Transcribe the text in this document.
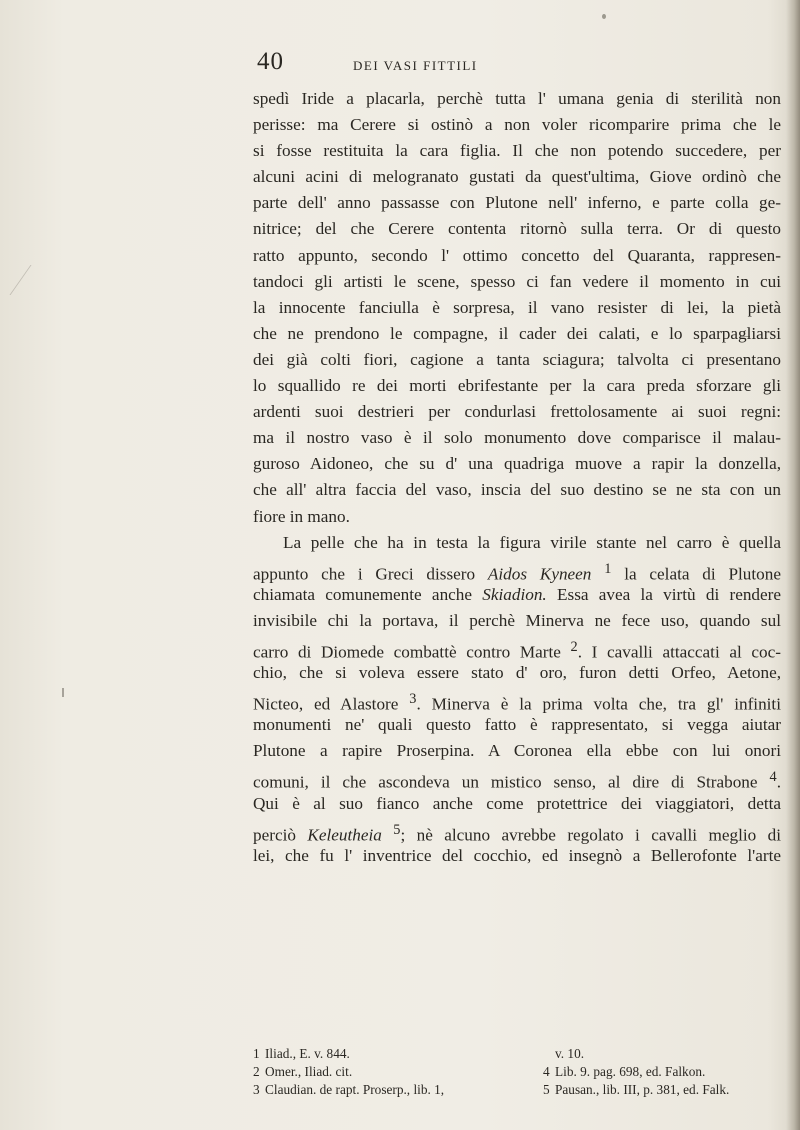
40	DEI VASI FITTILI
spedì Iride a placarla, perchè tutta l' umana genia di sterilità non
perisse: ma Cerere si ostinò a non voler ricomparire prima che le
si fosse restituita la cara figlia. Il che non potendo succedere, per
alcuni acini di melogranato gustati da quest'ultima, Giove ordinò che
parte dell' anno passasse con Plutone nell' inferno, e parte colla ge-
nitrice; del che Cerere contenta ritornò sulla terra. Or di questo
ratto appunto, secondo l' ottimo concetto del Quaranta, rappresen-
tandoci gli artisti le scene, spesso ci fan vedere il momento in cui
la innocente fanciulla è sorpresa, il vano resister di lei, la pietà
che ne prendono le compagne, il cader dei calati, e lo sparpagliarsi
dei già colti fiori, cagione a tanta sciagura; talvolta ci presentano
lo squallido re dei morti ebrifestante per la cara preda sforzare gli
ardenti suoi destrieri per condurlasi frettolosamente ai suoi regni:
ma il nostro vaso è il solo monumento dove comparisce il malau-
guroso Aidoneo, che su d' una quadriga muove a rapir la donzella,
che all' altra faccia del vaso, inscia del suo destino se ne sta con un
fiore in mano.
La pelle che ha in testa la figura virile stante nel carro è quella
appunto che i Greci dissero Aidos Kyneen $^1$ la celata di Plutone
chiamata comunemente anche Skiadion. Essa avea la virtù di rendere
invisibile chi la portava, il perchè Minerva ne fece uso, quando sul
carro di Diomede combattè contro Marte $^2$. I cavalli attaccati al coc-
chio, che si voleva essere stato d' oro, furon detti Orfeo, Aetone,
Nicteo, ed Alastore $^3$. Minerva è la prima volta che, tra gl' infiniti
monumenti ne' quali questo fatto è rappresentato, si vegga aiutar
Plutone a rapire Proserpina. A Coronea ella ebbe con lui onori
comuni, il che ascondeva un mistico senso, al dire di Strabone $^4$.
Qui è al suo fianco anche come protettrice dei viaggiatori, detta
perciò Keleutheia $^5$; nè alcuno avrebbe regolato i cavalli meglio di
lei, che fu l' inventrice del cocchio, ed insegnò a Bellerofonte l'arte
1 Iliad., E. v. 844.	v. 10.
2 Omer., Iliad. cit.	4 Lib. 9. pag. 698, ed. Falkon.
3 Claudian. de rapt. Proserp., lib. 1,	5 Pausan., lib. III, p. 381, ed. Falk.
